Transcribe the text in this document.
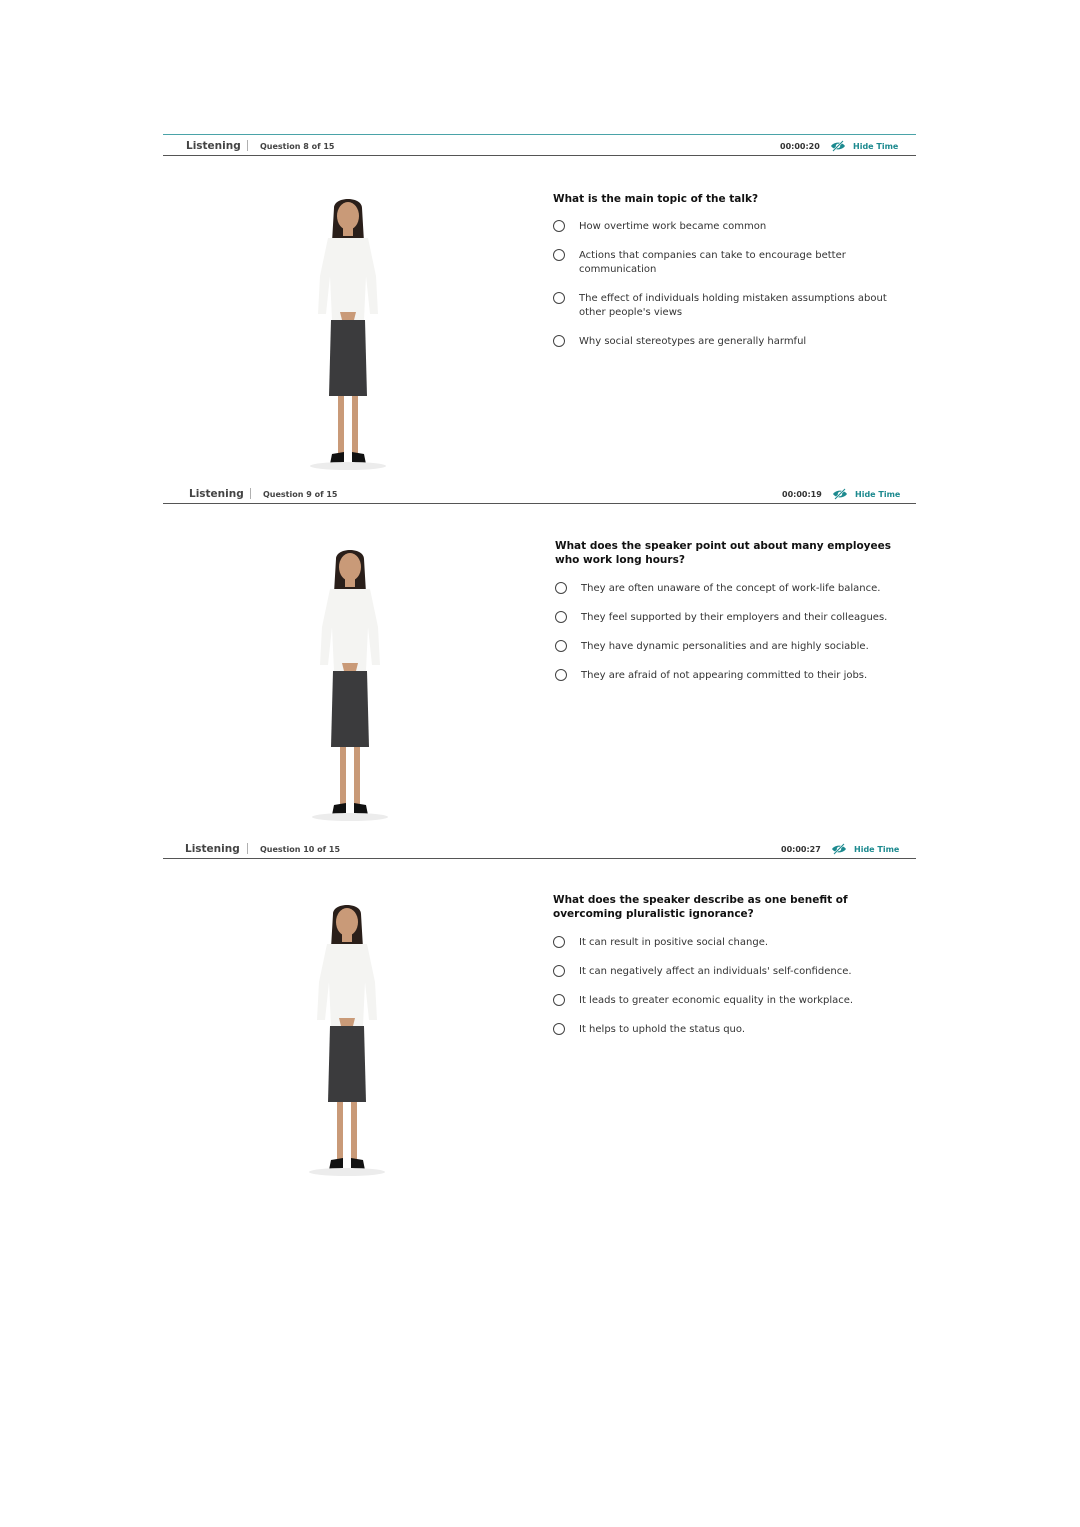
Listening Question 8 of 15	00:00:20	Hide Time

What is the main topic of the talk?

How overtime work became common
Actions that companies can take to encourage better communication
The effect of individuals holding mistaken assumptions about other people's views
Why social stereotypes are generally harmful
Listening Question 9 of 15	00:00:19	Hide Time

What does the speaker point out about many employees who work long hours?

They are often unaware of the concept of work-life balance.
They feel supported by their employers and their colleagues.
They have dynamic personalities and are highly sociable.
They are afraid of not appearing committed to their jobs.
Listening	Question 10 of 15	00:00:27	Hide Time

What does the speaker describe as one benefit of overcoming pluralistic ignorance?

It can result in positive social change.
It can negatively affect an individuals' self-confidence.
It leads to greater economic equality in the workplace.
It helps to uphold the status quo.
